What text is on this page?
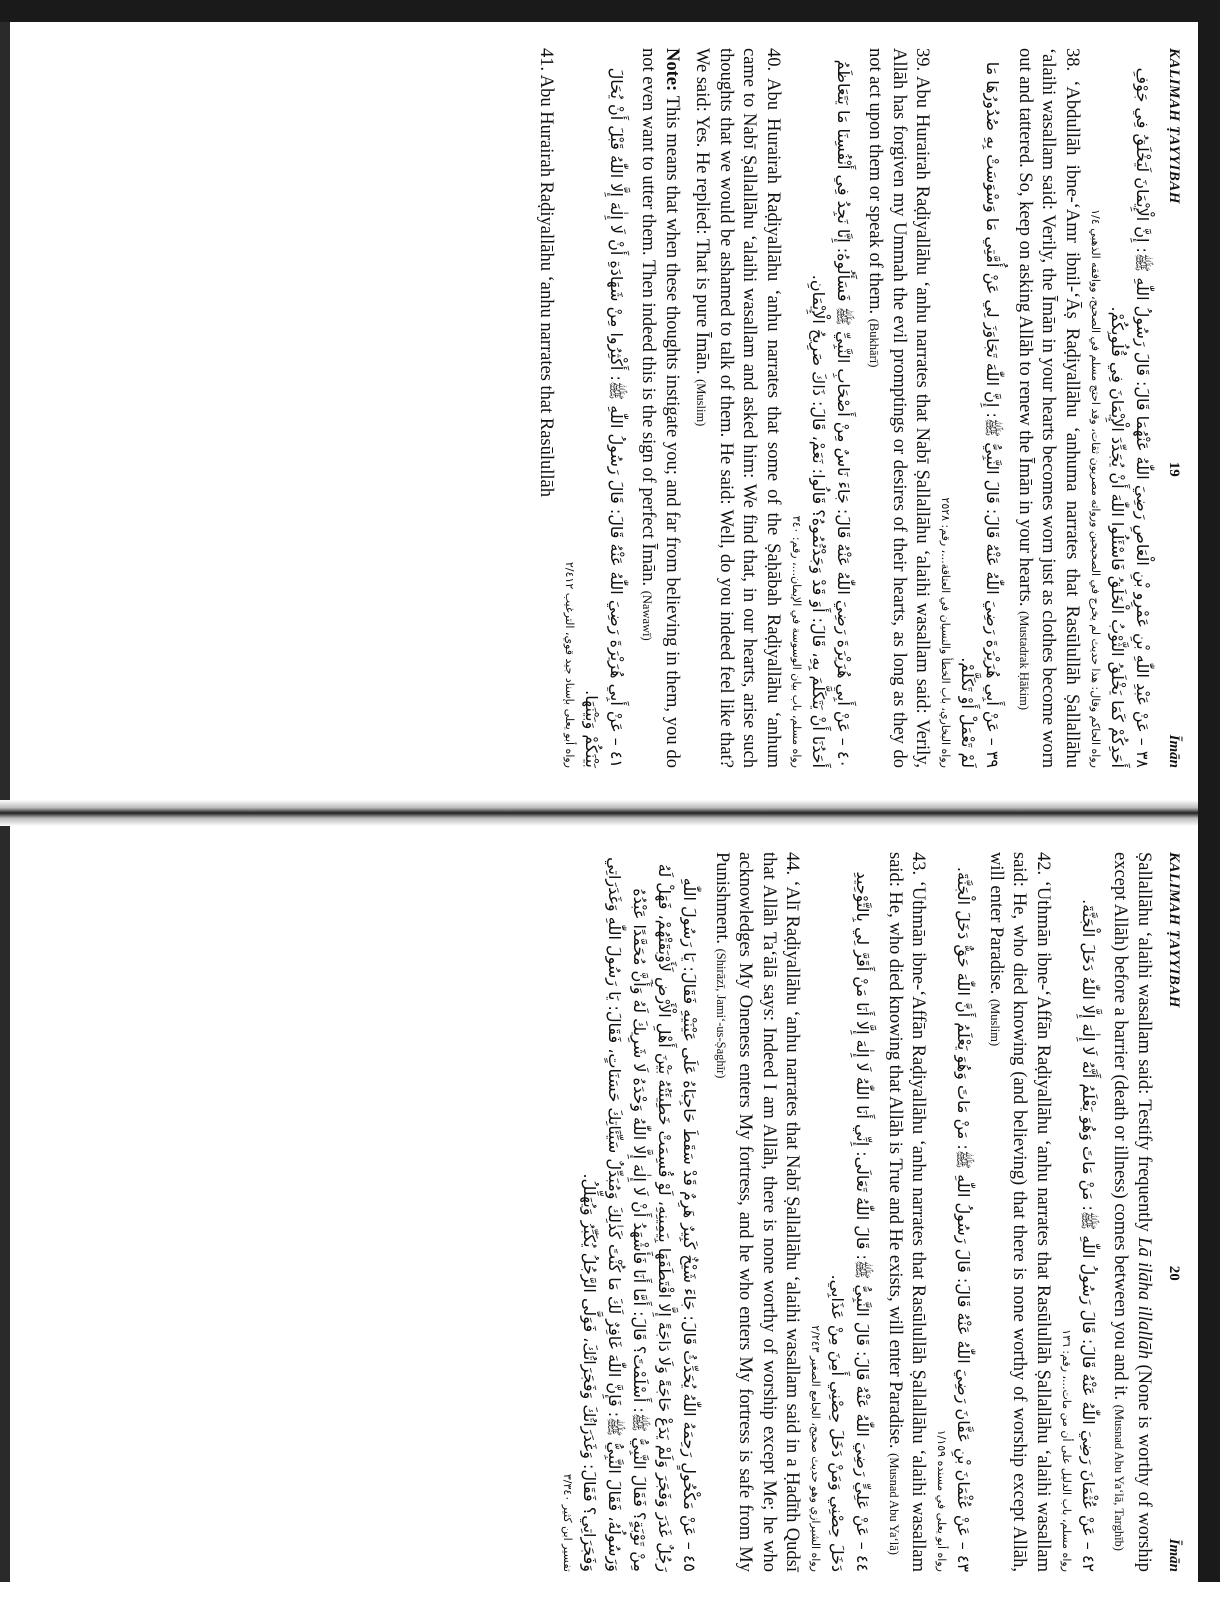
KALIMAH ṬAYYIBAH
19
Īmān
٣٨ – عَنْ عَبْدِ اللّٰهِ بْنِ عَمْرِو بْنِ الْعَاصِ رَضِيَ اللّٰهُ عَنْهُمَا قَالَ: قَالَ رَسُولُ اللّٰهِ ﷺ: إِنَّ الْإِيْمَانَ لَيَخْلَقُ فِي جَوْفِ أَحَدِكُمْ كَمَا يَخْلَقُ الثَّوْبُ الْخَلَقُ فَاسْئَلُوا اللّٰهَ أَنْ يُجَدِّدَ الْإِيْمَانَ فِي قُلُوبِكُمْ.
رواه الحاكم وقال: هذا حديث لم يخرج في الصحيحين ورواته مصريون ثقات، وقد احتج مسلم في الصحيح، ووافقه الذهبي ١/٤
38. ‘Abdullāh ibne-‘Amr ibnil-‘Āṣ Raḍiyallāhu ‘anhuma narrates that Rasūlullāh Ṣallallāhu ‘alaihi wasallam said: Verily, the Īmān in your hearts becomes worn just as clothes become worn out and tattered. So, keep on asking Allāh to renew the Īmān in your hearts. (Mustadrak Ḥākim)
٣٩ – عَنْ أَبِي هُرَيْرَةَ رَضِيَ اللّٰهُ عَنْهُ قَالَ: قَالَ النَّبِيُّ ﷺ: إِنَّ اللّٰهَ تَجَاوَزَ لِي عَنْ أُمَّتِي مَا وَسْوَسَتْ بِهِ صُدُورُهَا مَا لَمْ تَعْمَلْ أَوْ تَكَلَّمْ.
رواه البخاري، باب الخطأ والنسيان في العتاقة...، رقم: ٢٥٢٨
39. Abu Hurairah Raḍiyallāhu ‘anhu narrates that Nabī Ṣallallāhu ‘alaihi wasallam said: Verily, Allāh has forgiven my Ummah the evil promptings or desires of their hearts, as long as they do not act upon them or speak of them. (Bukhārī)
٤٠ – عَنْ أَبِي هُرَيْرَةَ رَضِيَ اللّٰهُ عَنْهُ قَالَ: جَاءَ نَاسٌ مِنْ أَصْحَابِ النَّبِيِّ ﷺ فَسَأَلُوهُ: إِنَّا نَجِدُ فِي أَنْفُسِنَا مَا يَتَعَاظَمُ أَحَدُنَا أَنْ يَتَكَلَّمَ بِهِ، قَالَ: أَوَ قَدْ وَجَدْتُمُوهُ؟ قَالُوا: نَعَمْ، قَالَ: ذَاكَ صَرِيحُ الْإِيْمَانِ.
رواه مسلم، باب بيان الوسوسة في الإيمان...، رقم: ٣٤٠
40. Abu Hurairah Raḍiyallāhu ‘anhu narrates that some of the Ṣaḥābah Raḍiyallāhu ‘anhum came to Nabī Ṣallallāhu ‘alaihi wasallam and asked him: We find that, in our hearts, arise such thoughts that we would be ashamed to talk of them. He said: Well, do you indeed feel like that? We said: Yes. He replied: That is pure Īmān. (Muslim)
Note: This means that when these thoughts instigate you; and far from believing in them, you do not even want to utter them. Then indeed this is the sign of perfect Īmān. (Nawawī)
٤١ – عَنْ أَبِي هُرَيْرَةَ رَضِيَ اللّٰهُ عَنْهُ قَالَ: قَالَ رَسُولُ اللّٰهِ ﷺ: أَكْثِرُوا مِنْ شَهَادَةِ أَنْ لَا إِلٰهَ إِلَّا اللّٰهُ قَبْلَ أَنْ يُحَالَ بَيْنَكُمْ وَبَيْنَهَا.
رواه أبو يعلى بإسناد جيد قوي، الترغيب ٢/٤١٢
41. Abu Hurairah Raḍiyallāhu ‘anhu narrates that Rasūlullāh
KALIMAH ṬAYYIBAH
20
Īmān
Ṣallallāhu ‘alaihi wasallam said: Testify frequently Lā ilāha illallāh (None is worthy of worship except Allāh) before a barrier (death or illness) comes between you and it. (Musnad Abu Ya‘lā, Targhīb)
٤٢ – عَنْ عُثْمَانَ رَضِيَ اللّٰهُ عَنْهُ قَالَ: قَالَ رَسُولُ اللّٰهِ ﷺ: مَنْ مَاتَ وَهُوَ يَعْلَمُ أَنَّهُ لَا إِلٰهَ إِلَّا اللّٰهُ دَخَلَ الْجَنَّةَ.
رواه مسلم، باب الدليل على أن من مات...، رقم: ١٣٦
42. ‘Uthmān ibne-‘Affān Raḍiyallāhu ‘anhu narrates that Rasūlullāh Ṣallallāhu ‘alaihi wasallam said: He, who died knowing (and believing) that there is none worthy of worship except Allāh, will enter Paradise. (Muslim)
٤٣ – عَنْ عُثْمَانَ بْنِ عَفَّانَ رَضِيَ اللّٰهُ عَنْهُ قَالَ: قَالَ رَسُولُ اللّٰهِ ﷺ: مَنْ مَاتَ وَهُوَ يَعْلَمُ أَنَّ اللّٰهَ حَقٌّ دَخَلَ الْجَنَّةَ.
رواه أبو يعلى في مسنده ١/١٥٩
43. ‘Uthmān ibne-‘Affān Raḍiyallāhu ‘anhu narrates that Rasūlullāh Ṣallallāhu ‘alaihi wasallam said: He, who died knowing that Allāh is True and He exists, will enter Paradise. (Musnad Abu Ya‘lā)
٤٤ – عَنْ عَلِيٍّ رَضِيَ اللّٰهُ عَنْهُ قَالَ: قَالَ النَّبِيُّ ﷺ: قَالَ اللّٰهُ تَعَالَى: إِنِّي أَنَا اللّٰهُ لَا إِلٰهَ إِلَّا أَنَا مَنْ أَقَرَّ لِي بِالتَّوْحِيدِ دَخَلَ حِصْنِي وَمَنْ دَخَلَ حِصْنِي أَمِنَ مِنْ عَذَابِي.
رواه الشيرازي وهو حديث صحيح، الجامع الصغير ٢/٢٤٣
44. ‘Alī Raḍiyallāhu ‘anhu narrates that Nabī Ṣallallāhu ‘alaihi wasallam said in a Ḥadīth Qudsī that Allāh Ta‘ālā says: Indeed I am Allāh, there is none worthy of worship except Me; he who acknowledges My Oneness enters My fortress, and he who enters My fortress is safe from My Punishment. (Shirāzī, Jami‘-us-Ṣaghīr)
٤٥ – عَنْ مَكْحُولٍ رَحِمَهُ اللّٰهُ يُحَدِّثُ قَالَ: جَاءَ شَيْخٌ كَبِيرٌ هَرِمٌ قَدْ سَقَطَ حَاجِبَاهُ عَلَى عَيْنَيْهِ فَقَالَ: يَا رَسُولَ اللّٰهِ رَجُلٌ غَدَرَ وَفَجَرَ وَلَمْ يَدَعْ حَاجَةً وَلَا دَاجَةً إِلَّا اقْتَطَفَهَا بِيَمِينِهِ، لَوْ قُسِمَتْ خَطِيئَتُهُ بَيْنَ أَهْلِ الْأَرْضِ لَأَوْبَقَتْهُمْ، فَهَلْ لَهُ مِنْ تَوْبَةٍ؟ فَقَالَ النَّبِيُّ ﷺ: أَسْلَمْتَ؟ قَالَ: أَمَّا أَنَا فَأَشْهَدُ أَنْ لَا إِلٰهَ إِلَّا اللّٰهُ وَحْدَهُ لَا شَرِيكَ لَهُ وَأَنَّ مُحَمَّدًا عَبْدُهُ وَرَسُولُهُ، فَقَالَ النَّبِيُّ ﷺ: فَإِنَّ اللّٰهَ غَافِرٌ لَكَ مَا كُنْتَ كَذٰلِكَ وَمُبَدِّلٌ سَيِّئَاتِكَ حَسَنَاتٍ، فَقَالَ: يَا رَسُولَ اللّٰهِ وَغَدَرَاتِي وَفَجَرَاتِي؟ فَقَالَ: وَغَدَرَاتُكَ وَفَجَرَاتُكَ، فَوَلَّى الرَّجُلُ يُكَبِّرُ وَيُهَلِّلُ.
تفسير ابن كثير ٣/٣٤٠
